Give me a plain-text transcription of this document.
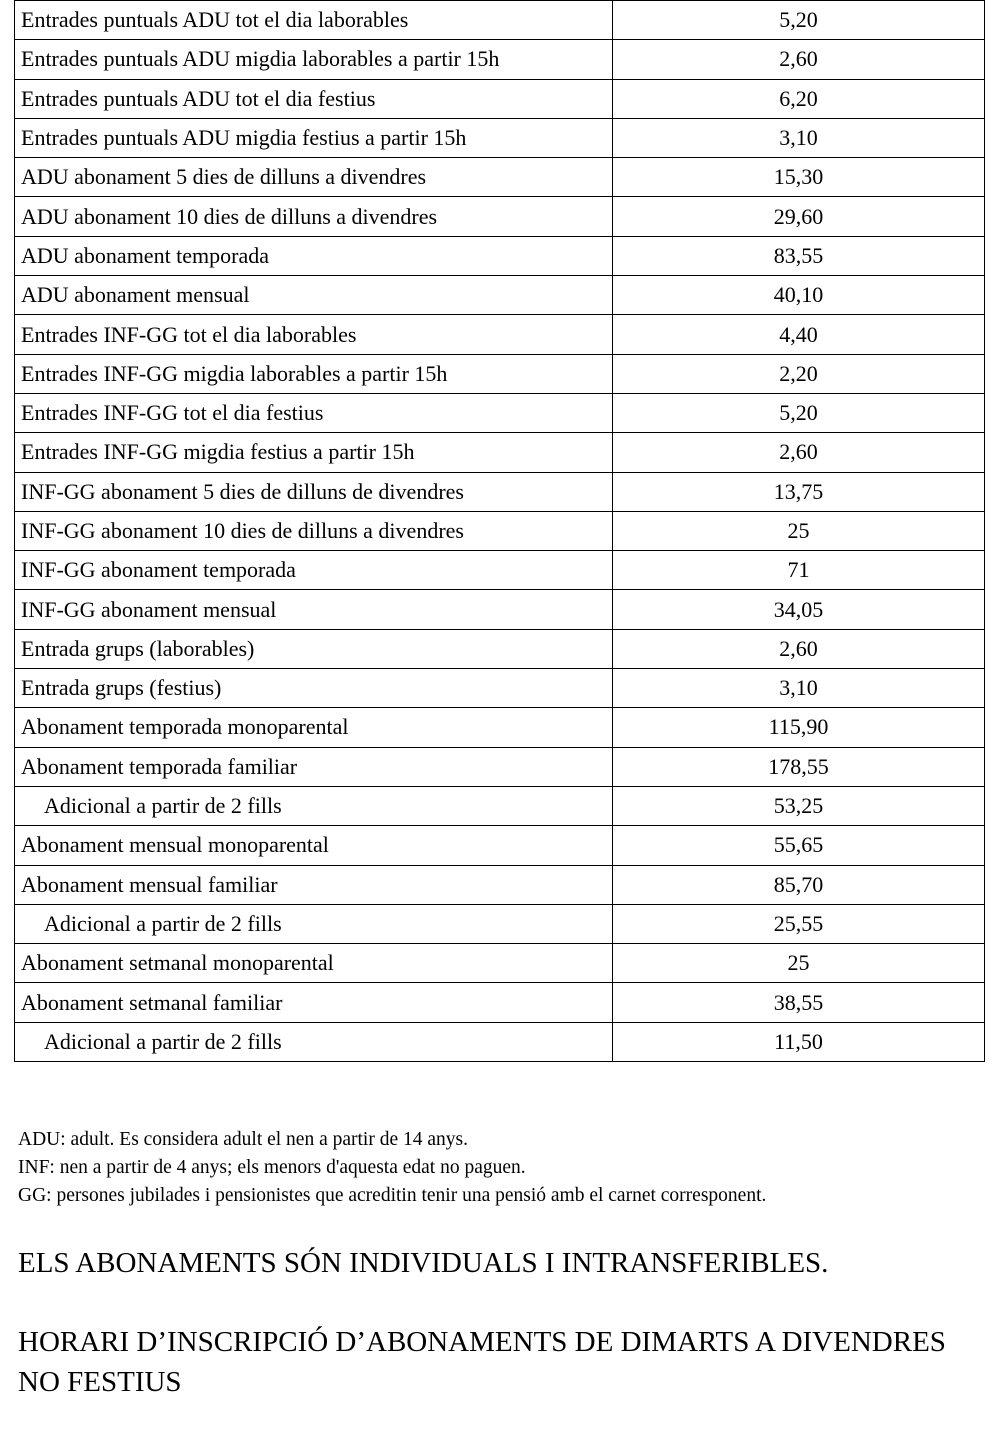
Entrades puntuals ADU tot el dia laborables	5,20
Entrades puntuals ADU migdia laborables a partir 15h	2,60
Entrades puntuals ADU tot el dia festius	6,20
Entrades puntuals ADU migdia festius a partir 15h	3,10
ADU abonament 5 dies de dilluns a divendres	15,30
ADU abonament 10 dies de dilluns a divendres	29,60
ADU abonament temporada	83,55
ADU abonament mensual	40,10
Entrades INF-GG tot el dia laborables	4,40
Entrades INF-GG migdia laborables a partir 15h	2,20
Entrades INF-GG tot el dia festius	5,20
Entrades INF-GG migdia festius a partir 15h	2,60
INF-GG abonament 5 dies de dilluns de divendres	13,75
INF-GG abonament 10 dies de dilluns a divendres	25
INF-GG abonament temporada	71
INF-GG abonament mensual	34,05
Entrada grups (laborables)	2,60
Entrada grups (festius)	3,10
Abonament temporada monoparental	115,90
Abonament temporada familiar	178,55
Adicional a partir de 2 fills	53,25
Abonament mensual monoparental	55,65
Abonament mensual familiar	85,70
Adicional a partir de 2 fills	25,55
Abonament setmanal monoparental	25
Abonament setmanal familiar	38,55
Adicional a partir de 2 fills	11,50
ADU: adult. Es considera adult el nen a partir de 14 anys.
INF: nen a partir de 4 anys; els menors d'aquesta edat no paguen.
GG: persones jubilades i pensionistes que acreditin tenir una pensió amb el carnet corresponent.
ELS ABONAMENTS SÓN INDIVIDUALS I INTRANSFERIBLES.
HORARI D’INSCRIPCIÓ D’ABONAMENTS DE DIMARTS A DIVENDRES NO FESTIUS
